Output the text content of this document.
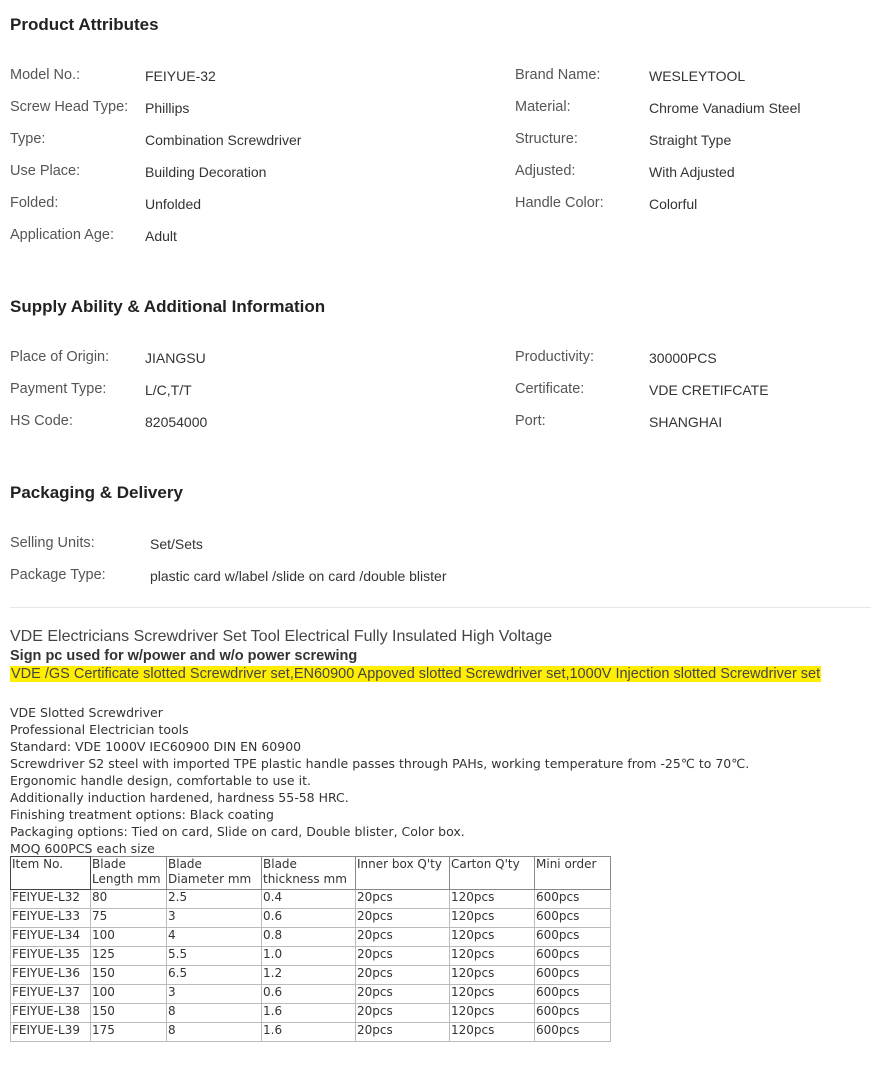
Product Attributes
Model No.:	FEIYUE-32
Screw Head Type: Phillips
Type:	Combination Screwdriver
Use Place:	Building Decoration
Folded:	Unfolded
Application Age: Adult
Brand Name:	WESLEYTOOL
Material:	Chrome Vanadium Steel
Structure:	Straight Type
Adjusted:	With Adjusted
Handle Color:	Colorful
Supply Ability & Additional Information
Place of Origin:	JIANGSU
Payment Type:	L/C,T/T
HS Code:	82054000
Productivity:	30000PCS
Certificate:	VDE CRETIFCATE
Port:	SHANGHAI
Packaging & Delivery
Selling Units:	Set/Sets
Package Type:	plastic card w/label /slide on card /double blister
VDE Electricians Screwdriver Set Tool Electrical Fully Insulated High Voltage
Sign pc used for w/power and w/o power screwing
VDE /GS Certificate slotted Screwdriver set,EN60900 Appoved slotted Screwdriver set,1000V Injection slotted Screwdriver set
VDE Slotted Screwdriver
Professional Electrician tools
Standard: VDE 1000V IEC60900 DIN EN 60900
Screwdriver S2 steel with imported TPE plastic handle passes through PAHs, working temperature from -25℃ to 70℃.
Ergonomic handle design, comfortable to use it.
Additionally induction hardened, hardness 55-58 HRC.
Finishing treatment options: Black coating
Packaging options: Tied on card, Slide on card, Double blister, Color box.
MOQ 600PCS each size
Item No.	Blade Length mm	Blade Diameter mm	Blade thickness mm	Inner box Q'ty	Carton Q'ty	Mini order
FEIYUE-L32	80	2.5	0.4	20pcs	120pcs	600pcs
FEIYUE-L33	75	3	0.6	20pcs	120pcs	600pcs
FEIYUE-L34	100	4	0.8	20pcs	120pcs	600pcs
FEIYUE-L35	125	5.5	1.0	20pcs	120pcs	600pcs
FEIYUE-L36	150	6.5	1.2	20pcs	120pcs	600pcs
FEIYUE-L37	100	3	0.6	20pcs	120pcs	600pcs
FEIYUE-L38	150	8	1.6	20pcs	120pcs	600pcs
FEIYUE-L39	175	8	1.6	20pcs	120pcs	600pcs
